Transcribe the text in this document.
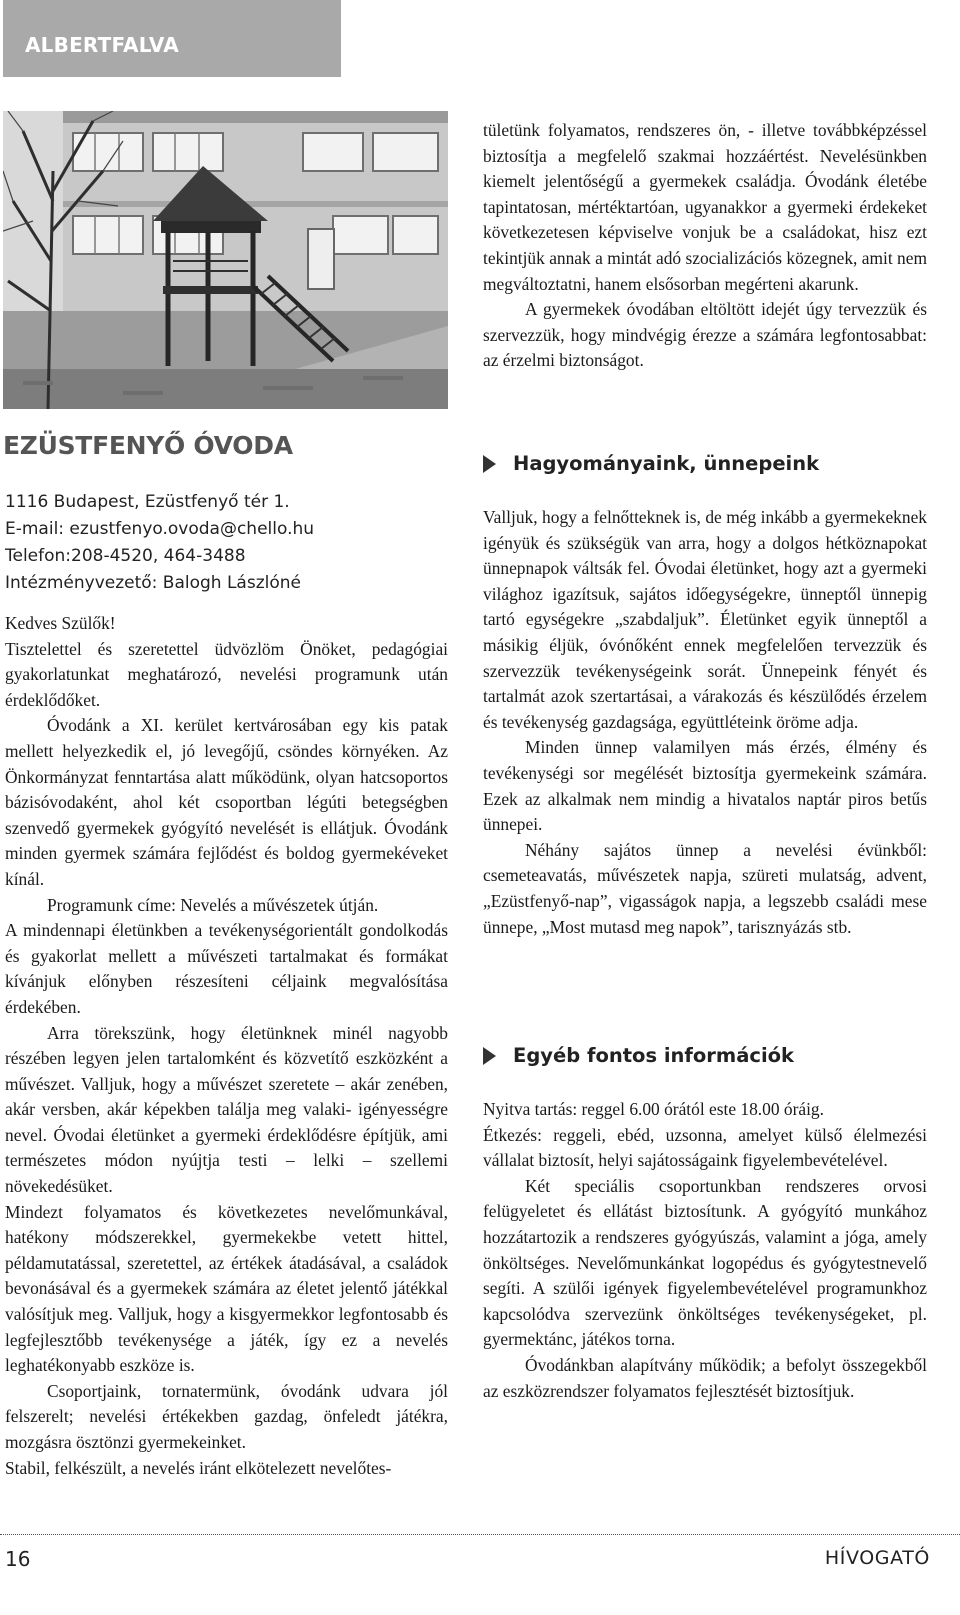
ALBERTFALVA
EZÜSTFENYŐ ÓVODA
1116 Budapest, Ezüstfenyő tér 1.
E-mail: ezustfenyo.ovoda@chello.hu
Telefon:208-4520, 464-3488
Intézményvezető: Balogh Lászlóné

Kedves Szülők!

Tisztelettel és szeretettel üdvözlöm Önöket, pedagógiai gyakorlatunkat meghatározó, nevelési programunk után érdeklődőket.

Óvodánk a XI. kerület kertvárosában egy kis patak mellett helyezkedik el, jó levegőjű, csöndes környéken. Az Önkormányzat fenntartása alatt működünk, olyan hatcsoportos bázisóvodaként, ahol két csoportban légúti betegségben szenvedő gyermekek gyógyító nevelését is ellátjuk. Óvodánk minden gyermek számára fejlődést és boldog gyermekéveket kínál.

Programunk címe: Nevelés a művészetek útján.

A mindennapi életünkben a tevékenységorientált gondolkodás és gyakorlat mellett a művészeti tartalmakat és formákat kívánjuk előnyben részesíteni céljaink megvalósítása érdekében.

Arra törekszünk, hogy életünknek minél nagyobb részében legyen jelen tartalomként és közvetítő eszközként a művészet. Valljuk, hogy a művészet szeretete – akár zenében, akár versben, akár képekben találja meg valaki- igényességre nevel. Óvodai életünket a gyermeki érdeklődésre építjük, ami természetes módon nyújtja testi – lelki – szellemi növekedésüket.

Mindezt folyamatos és következetes nevelőmunkával, hatékony módszerekkel, gyermekekbe vetett hittel, példamutatással, szeretettel, az értékek átadásával, a családok bevonásával és a gyermekek számára az életet jelentő játékkal valósítjuk meg. Valljuk, hogy a kisgyermekkor legfontosabb és legfejlesztőbb tevékenysége a játék, így ez a nevelés leghatékonyabb eszköze is.

Csoportjaink, tornatermünk, óvodánk udvara jól felszerelt; nevelési értékekben gazdag, önfeledt játékra, mozgásra ösztönzi gyermekeinket.

Stabil, felkészült, a nevelés iránt elkötelezett nevelőtes-

tületünk folyamatos, rendszeres ön, - illetve továbbképzéssel biztosítja a megfelelő szakmai hozzáértést. Nevelésünkben kiemelt jelentőségű a gyermekek családja. Óvodánk életébe tapintatosan, mértéktartóan, ugyanakkor a gyermeki érdekeket következetesen képviselve vonjuk be a családokat, hisz ezt tekintjük annak a mintát adó szocializációs közegnek, amit nem megváltoztatni, hanem elsősorban megérteni akarunk.

A gyermekek óvodában eltöltött idejét úgy tervezzük és szervezzük, hogy mindvégig érezze a számára legfontosabbat: az érzelmi biztonságot.

Hagyományaink, ünnepeink

Valljuk, hogy a felnőtteknek is, de még inkább a gyermekeknek igényük és szükségük van arra, hogy a dolgos hétköznapokat ünnepnapok váltsák fel. Óvodai életünket, hogy azt a gyermeki világhoz igazítsuk, sajátos időegységekre, ünneptől ünnepig tartó egységekre „szabdaljuk”. Életünket egyik ünneptől a másikig éljük, óvónőként ennek megfelelően tervezzük és szervezzük tevékenységeink sorát. Ünnepeink fényét és tartalmát azok szertartásai, a várakozás és készülődés érzelem és tevékenység gazdagsága, együttléteink öröme adja.

Minden ünnep valamilyen más érzés, élmény és tevékenységi sor megélését biztosítja gyermekeink számára. Ezek az alkalmak nem mindig a hivatalos naptár piros betűs ünnepei.

Néhány sajátos ünnep a nevelési évünkből: csemeteavatás, művészetek napja, szüreti mulatság, advent, „Ezüstfenyő-nap”, vigasságok napja, a legszebb családi mese ünnepe, „Most mutasd meg napok”, tarisznyázás stb.

Egyéb fontos információk

Nyitva tartás: reggel 6.00 órától este 18.00 óráig.

Étkezés: reggeli, ebéd, uzsonna, amelyet külső élelmezési vállalat biztosít, helyi sajátosságaink figyelembevételével.

Két speciális csoportunkban rendszeres orvosi felügyeletet és ellátást biztosítunk. A gyógyító munkához hozzátartozik a rendszeres gyógyúszás, valamint a jóga, amely önköltséges. Nevelőmunkánkat logopédus és gyógytestnevelő segíti. A szülői igények figyelembevételével programunkhoz kapcsolódva szervezünk önköltséges tevékenységeket, pl. gyermektánc, játékos torna.

Óvodánkban alapítvány működik; a befolyt összegekből az eszközrendszer folyamatos fejlesztését biztosítjuk.

16	HÍVOGATÓ
